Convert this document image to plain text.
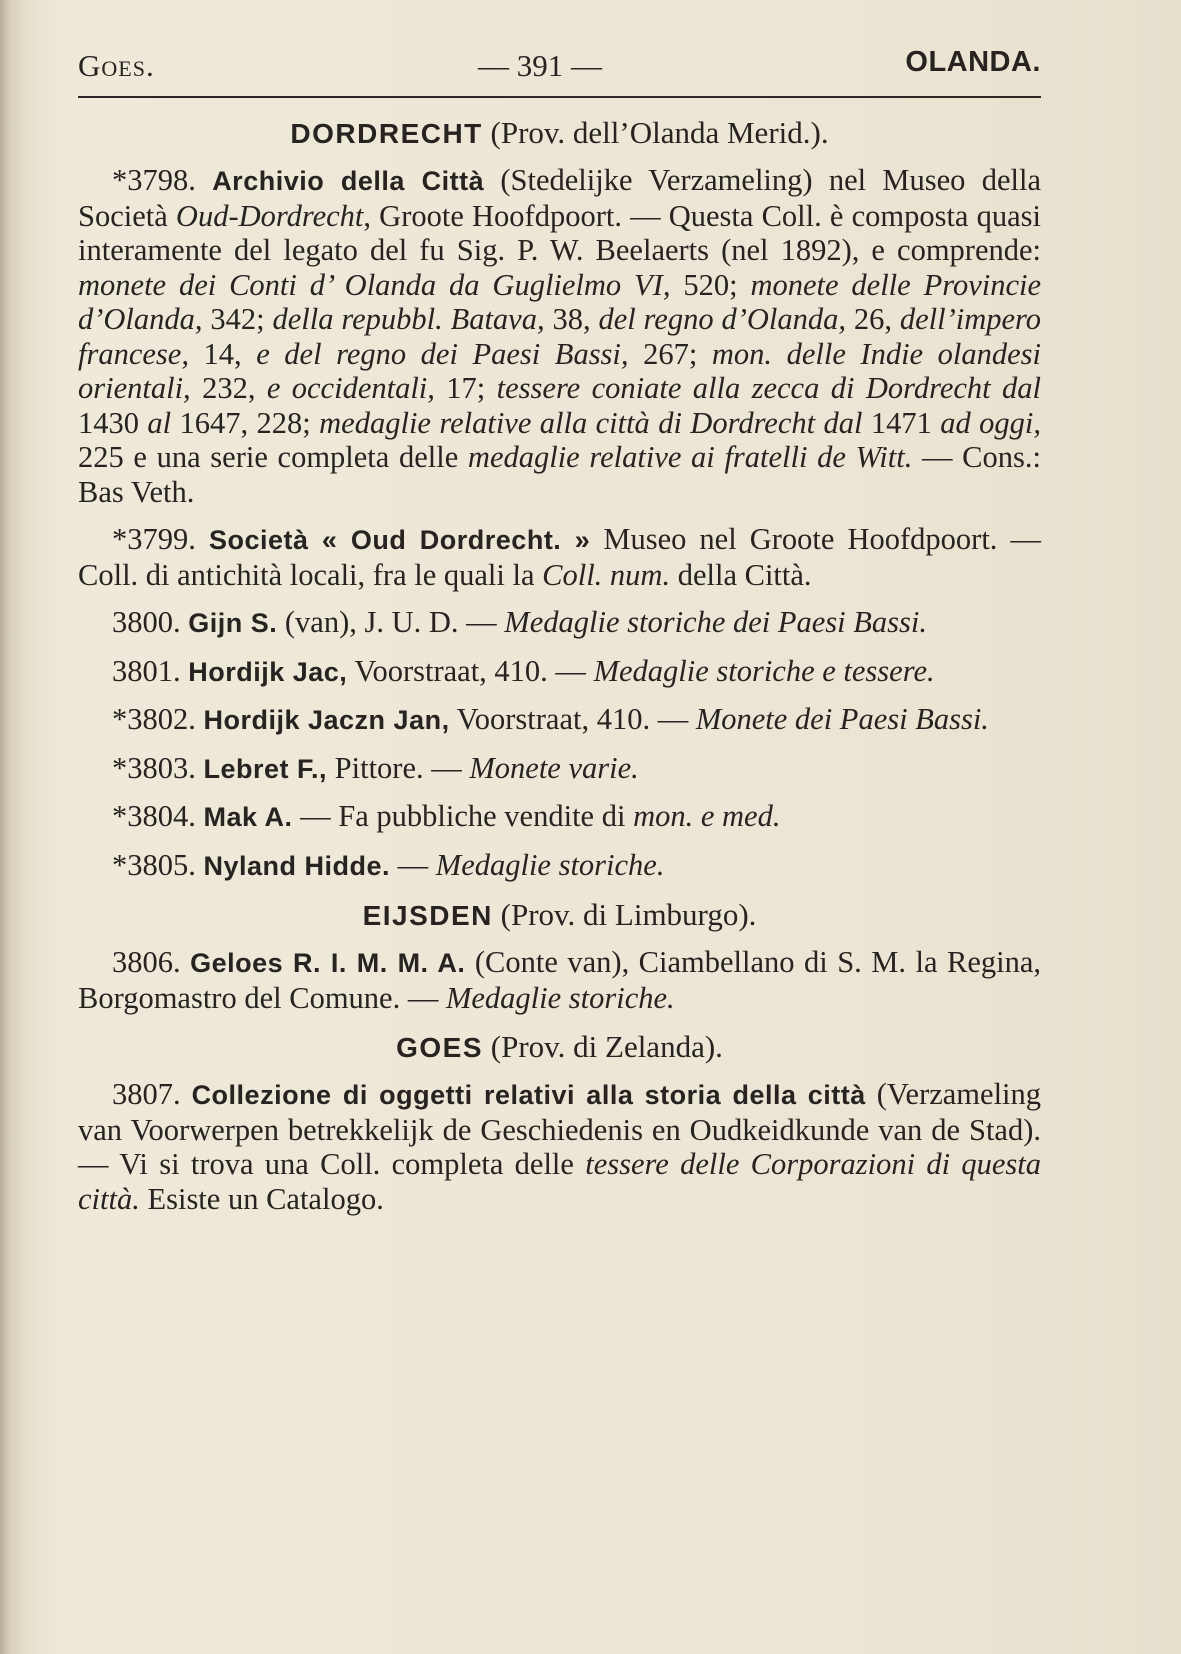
Goes.	— 391 —	OLANDA.
DORDRECHT (Prov. dell’Olanda Merid.).

*3798. Archivio della Città (Stedelijke Verzameling) nel Museo della Società Oud-Dordrecht, Groote Hoofdpoort. — Questa Coll. è composta quasi interamente del legato del fu Sig. P. W. Beelaerts (nel 1892), e comprende: monete dei Conti d’ Olanda da Guglielmo VI, 520; monete delle Provincie d’Olanda, 342; della repubbl. Batava, 38, del regno d’Olanda, 26, dell’impero francese, 14, e del regno dei Paesi Bassi, 267; mon. delle Indie olandesi orientali, 232, e occidentali, 17; tessere coniate alla zecca di Dordrecht dal 1430 al 1647, 228; medaglie relative alla città di Dordrecht dal 1471 ad oggi, 225 e una serie completa delle medaglie relative ai fratelli de Witt. — Cons.: Bas Veth.

*3799. Società « Oud Dordrecht. » Museo nel Groote Hoofdpoort. — Coll. di antichità locali, fra le quali la Coll. num. della Città.

3800. Gijn S. (van), J. U. D. — Medaglie storiche dei Paesi Bassi.

3801. Hordijk Jac, Voorstraat, 410. — Medaglie storiche e tessere.

*3802. Hordijk Jaczn Jan, Voorstraat, 410. — Monete dei Paesi Bassi.

*3803. Lebret F., Pittore. — Monete varie.

*3804. Mak A. — Fa pubbliche vendite di mon. e med.

*3805. Nyland Hidde. — Medaglie storiche.

EIJSDEN (Prov. di Limburgo).

3806. Geloes R. I. M. M. A. (Conte van), Ciambellano di S. M. la Regina, Borgomastro del Comune. — Medaglie storiche.

GOES (Prov. di Zelanda).

3807. Collezione di oggetti relativi alla storia della città (Verzameling van Voorwerpen betrekkelijk de Geschiedenis en Oudkeidkunde van de Stad). — Vi si trova una Coll. completa delle tessere delle Corporazioni di questa città. Esiste un Catalogo.
